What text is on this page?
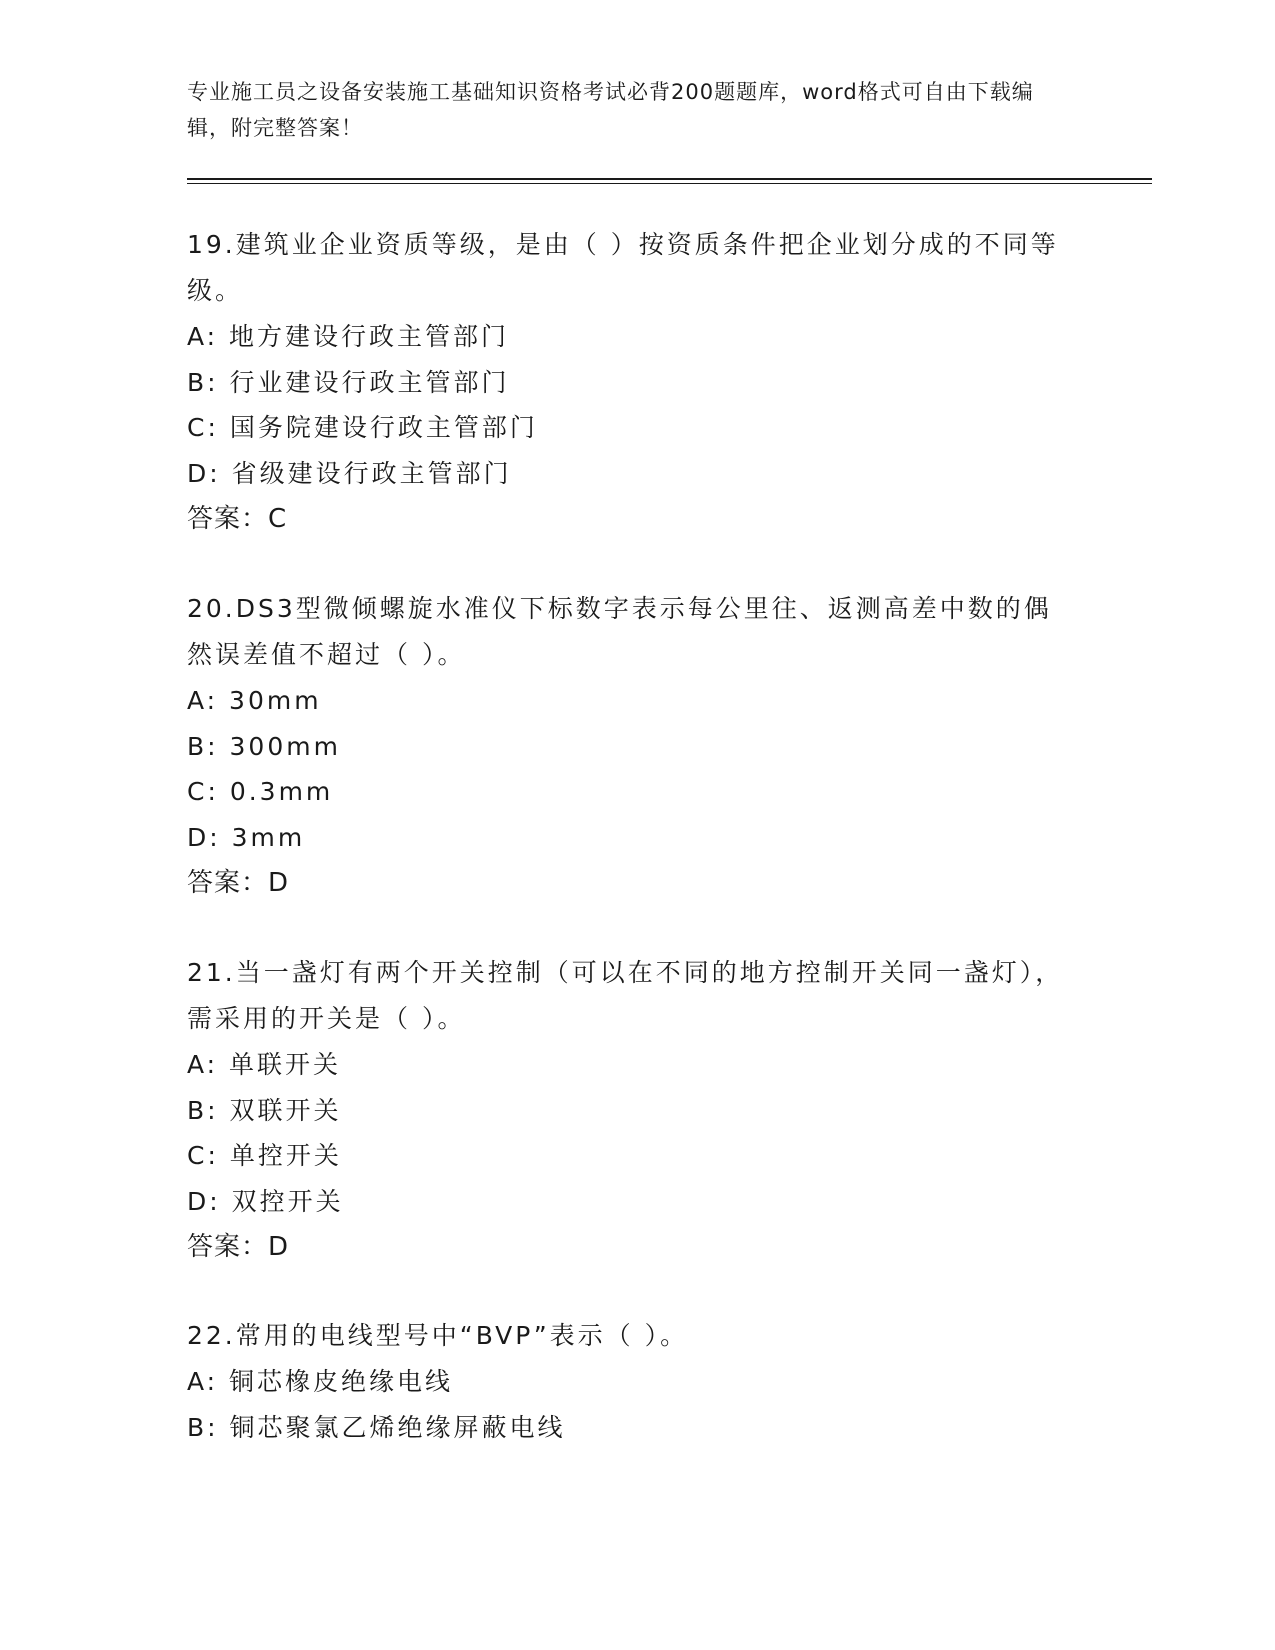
专业施工员之设备安装施工基础知识资格考试必背200题题库，word格式可自由下载编辑，附完整答案！

19.建筑业企业资质等级，是由（ ）按资质条件把企业划分成的不同等级。

A: 地方建设行政主管部门

B: 行业建设行政主管部门

C: 国务院建设行政主管部门

D: 省级建设行政主管部门

答案：C

20.DS3型微倾螺旋水准仪下标数字表示每公里往、返测高差中数的偶然误差值不超过（ ）。

A: 30mm

B: 300mm

C: 0.3mm

D: 3mm

答案：D

21.当一盏灯有两个开关控制（可以在不同的地方控制开关同一盏灯），需采用的开关是（ ）。

A: 单联开关

B: 双联开关

C: 单控开关

D: 双控开关

答案：D

22.常用的电线型号中“BVP”表示（ ）。

A: 铜芯橡皮绝缘电线

B: 铜芯聚氯乙烯绝缘屏蔽电线
